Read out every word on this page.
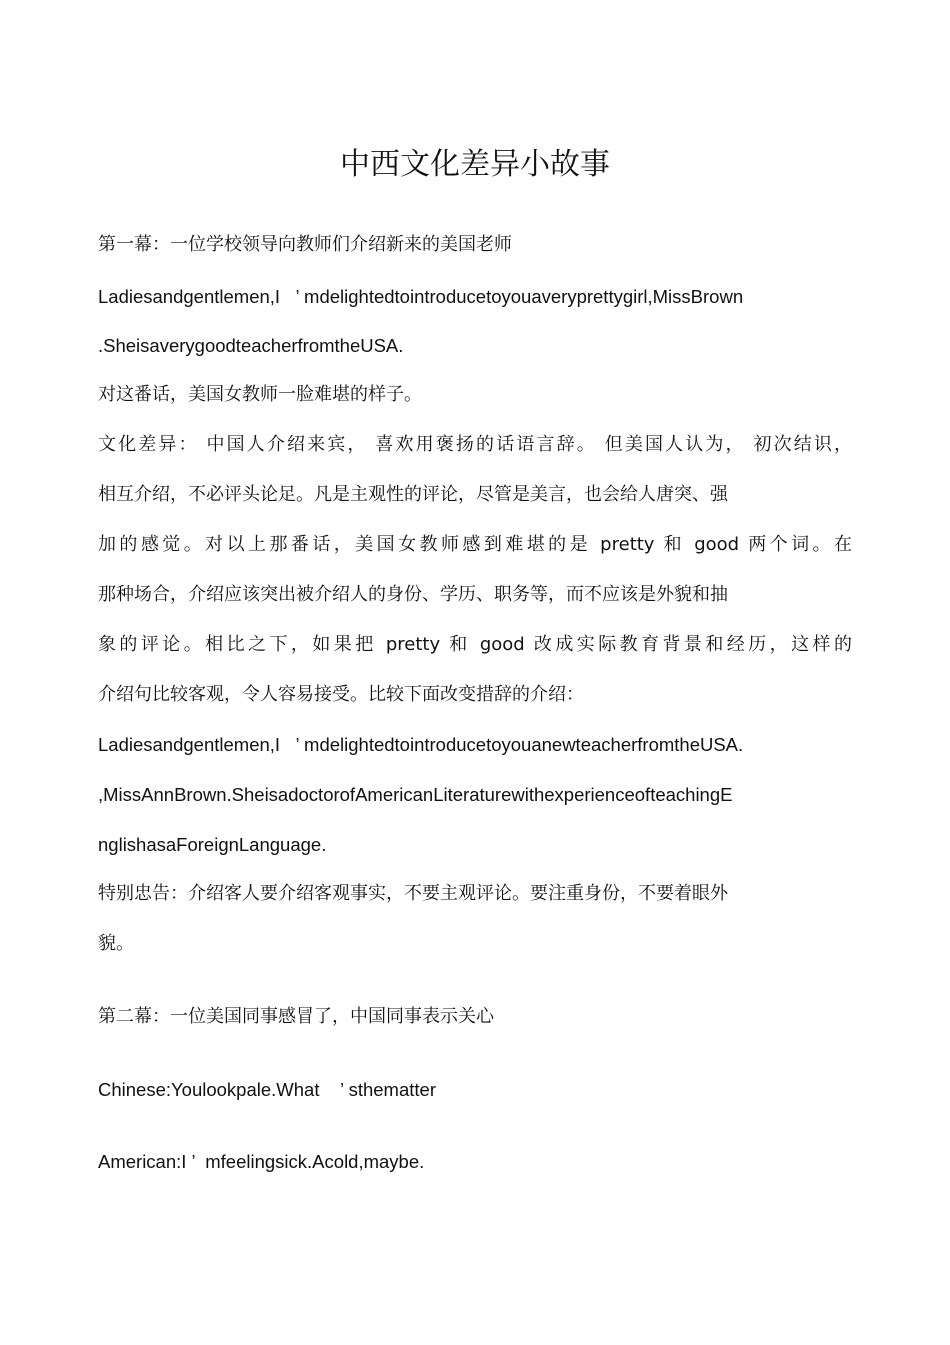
中西文化差异小故事

第一幕：一位学校领导向教师们介绍新来的美国老师

Ladiesandgentlemen,I   ’ mdelightedtointroducetoyouaveryprettygirl,MissBrown

.SheisaverygoodteacherfromtheUSA.

对这番话，美国女教师一脸难堪的样子。

文化差异： 中国人介绍来宾， 喜欢用褒扬的话语言辞。 但美国人认为， 初次结识，

相互介绍，不必评头论足。凡是主观性的评论，尽管是美言，也会给人唐突、强

加的感觉。对以上那番话，美国女教师感到难堪的是 pretty 和 good 两个词。在

那种场合，介绍应该突出被介绍人的身份、学历、职务等，而不应该是外貌和抽

象的评论。相比之下，如果把 pretty 和 good 改成实际教育背景和经历，这样的

介绍句比较客观，令人容易接受。比较下面改变措辞的介绍：

Ladiesandgentlemen,I   ’ mdelightedtointroducetoyouanewteacherfromtheUSA.

,MissAnnBrown.SheisadoctorofAmericanLiteraturewithexperienceofteachingE

nglishasaForeignLanguage.

特别忠告：介绍客人要介绍客观事实，不要主观评论。要注重身份，不要着眼外

貌。

第二幕：一位美国同事感冒了，中国同事表示关心

Chinese:Youlookpale.What    ’ sthematter

American:I ’  mfeelingsick.Acold,maybe.
